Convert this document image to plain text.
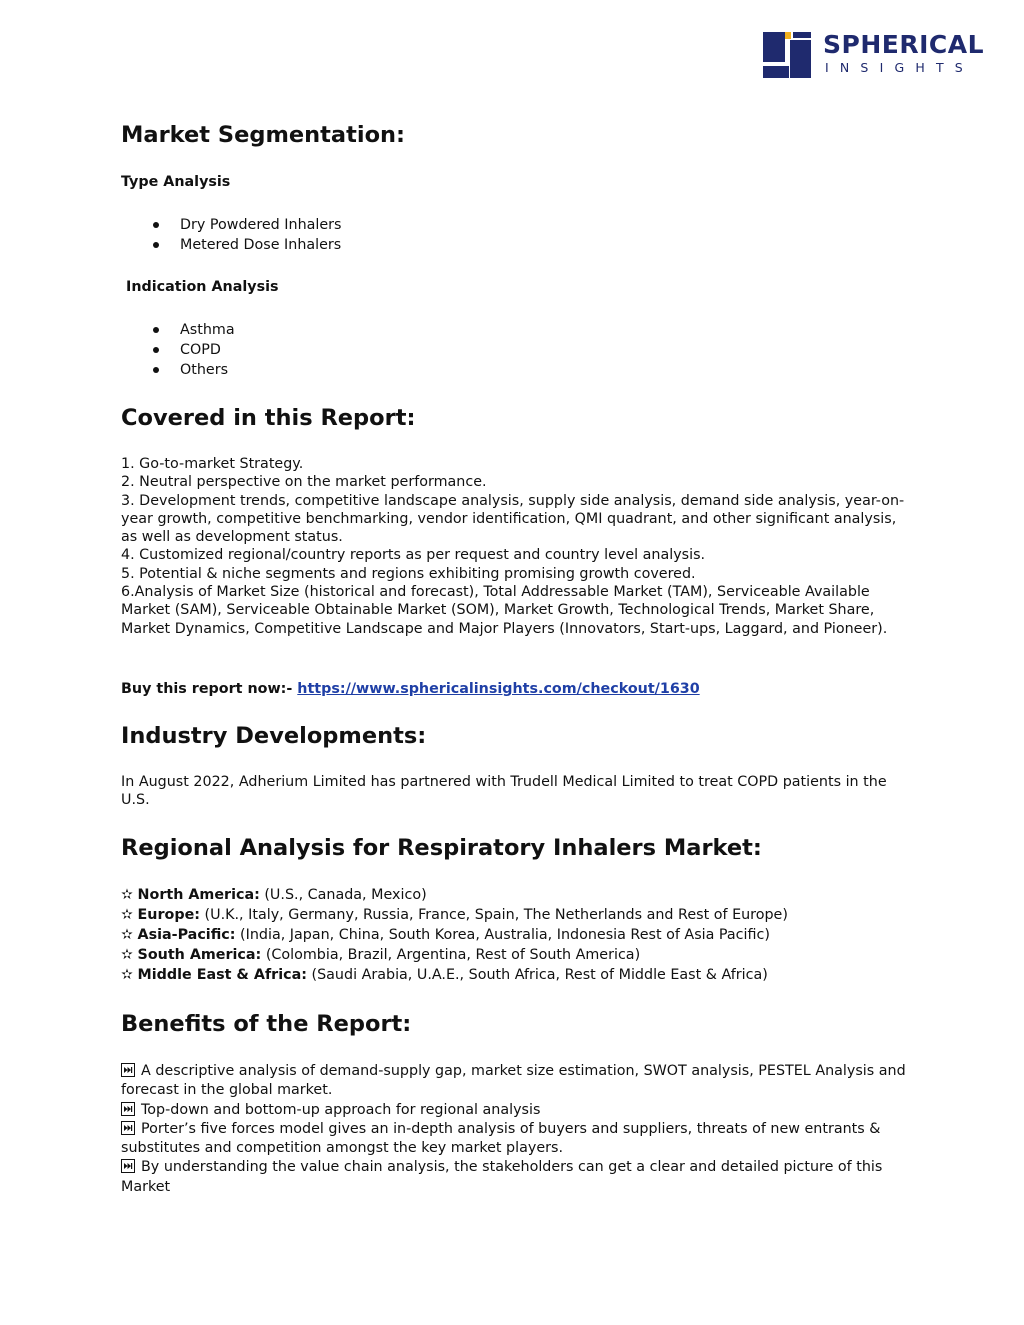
SPHERICAL
INSIGHTS
Market Segmentation:
Type Analysis
Dry Powdered Inhalers
Metered Dose Inhalers
Indication Analysis
Asthma
COPD
Others
Covered in this Report:
1. Go-to-market Strategy.
2. Neutral perspective on the market performance.
3. Development trends, competitive landscape analysis, supply side analysis, demand side analysis, year-on-year growth, competitive benchmarking, vendor identification, QMI quadrant, and other significant analysis, as well as development status.
4. Customized regional/country reports as per request and country level analysis.
5. Potential & niche segments and regions exhibiting promising growth covered.
6.Analysis of Market Size (historical and forecast), Total Addressable Market (TAM), Serviceable Available Market (SAM), Serviceable Obtainable Market (SOM), Market Growth, Technological Trends, Market Share, Market Dynamics, Competitive Landscape and Major Players (Innovators, Start-ups, Laggard, and Pioneer).
Buy this report now:- https://www.sphericalinsights.com/checkout/1630
Industry Developments:
In August 2022, Adherium Limited has partnered with Trudell Medical Limited to treat COPD patients in the U.S.
Regional Analysis for Respiratory Inhalers Market:
✫ North America: (U.S., Canada, Mexico)
✫ Europe: (U.K., Italy, Germany, Russia, France, Spain, The Netherlands and Rest of Europe)
✫ Asia-Pacific: (India, Japan, China, South Korea, Australia, Indonesia Rest of Asia Pacific)
✫ South America: (Colombia, Brazil, Argentina, Rest of South America)
✫ Middle East & Africa: (Saudi Arabia, U.A.E., South Africa, Rest of Middle East & Africa)
Benefits of the Report:
A descriptive analysis of demand-supply gap, market size estimation, SWOT analysis, PESTEL Analysis and forecast in the global market.
Top-down and bottom-up approach for regional analysis
Porter’s five forces model gives an in-depth analysis of buyers and suppliers, threats of new entrants & substitutes and competition amongst the key market players.
By understanding the value chain analysis, the stakeholders can get a clear and detailed picture of this Market
